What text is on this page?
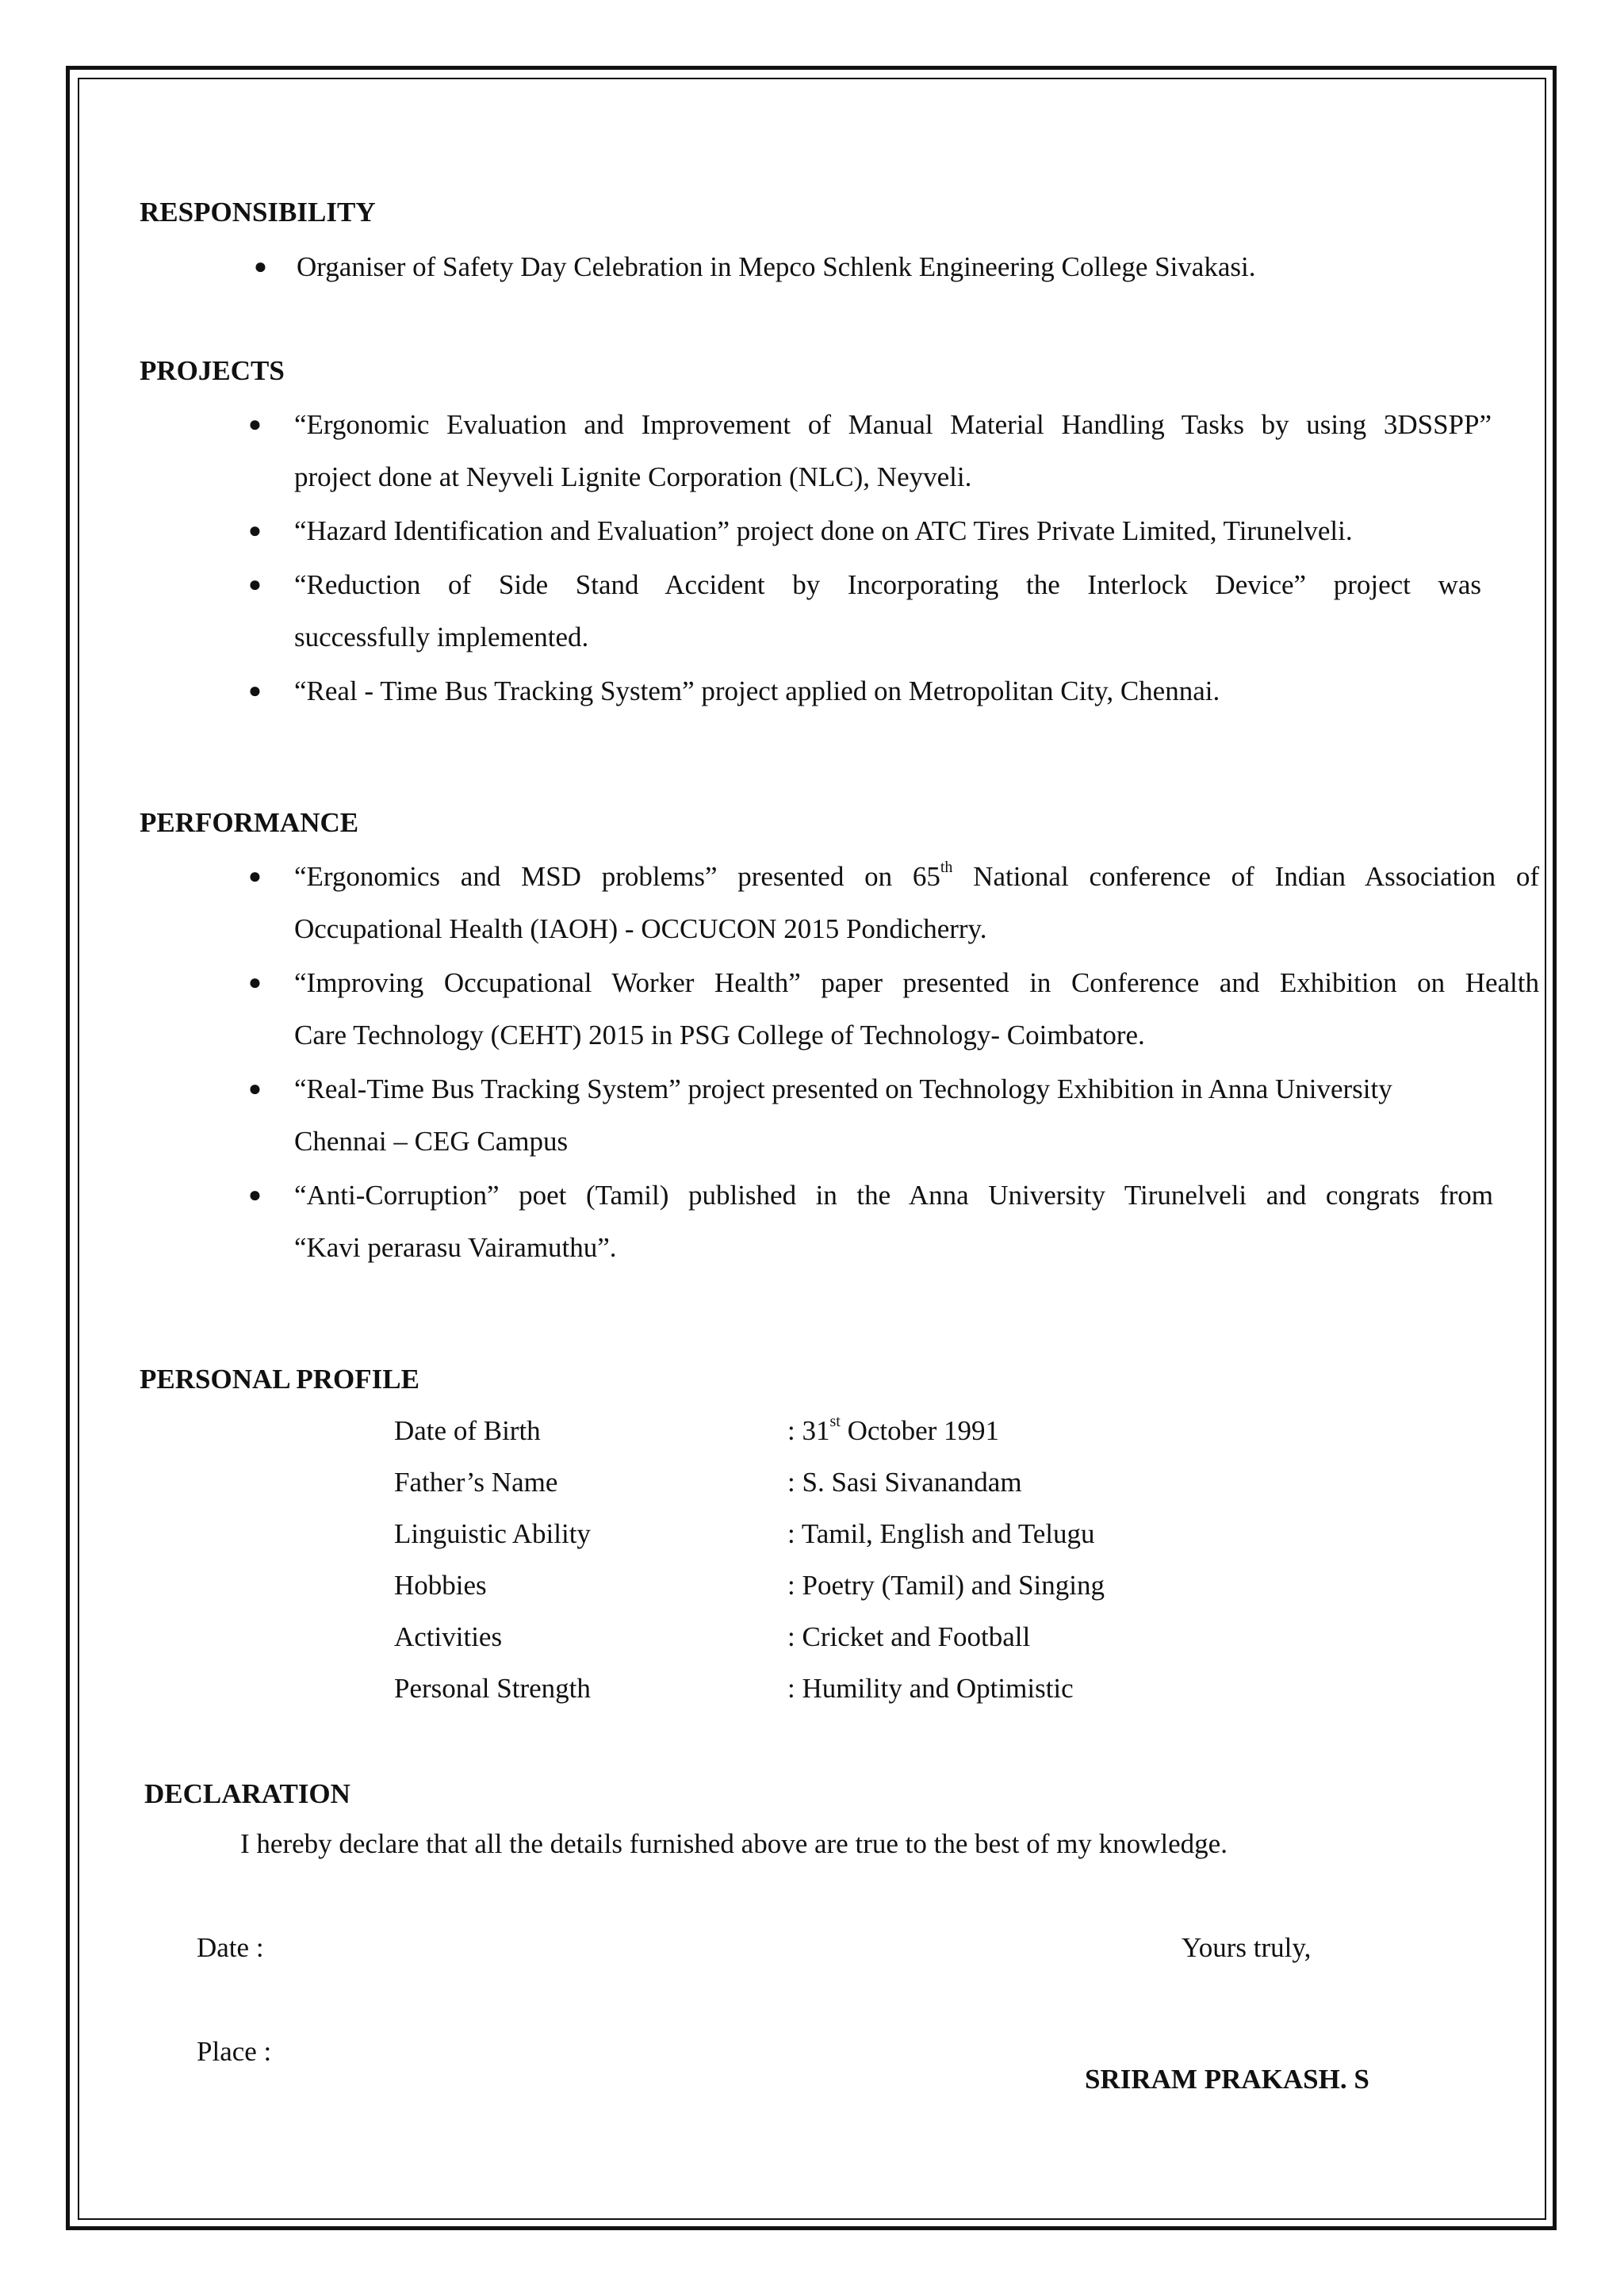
RESPONSIBILITY
● Organiser of Safety Day Celebration in Mepco Schlenk Engineering College Sivakasi.
PROJECTS
● “Ergonomic Evaluation and Improvement of Manual Material Handling Tasks by using 3DSSPP”
project done at Neyveli Lignite Corporation (NLC), Neyveli.
● “Hazard Identification and Evaluation” project done on ATC Tires Private Limited, Tirunelveli.
● “Reduction of Side Stand Accident by Incorporating the Interlock Device” project was
successfully implemented.
● “Real - Time Bus Tracking System” project applied on Metropolitan City, Chennai.
PERFORMANCE
● “Ergonomics and MSD problems” presented on 65th National conference of Indian Association of
Occupational Health (IAOH) - OCCUCON 2015 Pondicherry.
● “Improving Occupational Worker Health” paper presented in Conference and Exhibition on Health
Care Technology (CEHT) 2015 in PSG College of Technology- Coimbatore.
● “Real-Time Bus Tracking System” project presented on Technology Exhibition in Anna University
Chennai – CEG Campus
● “Anti-Corruption” poet (Tamil) published in the Anna University Tirunelveli and congrats from
“Kavi perarasu Vairamuthu”.
PERSONAL PROFILE
Date of Birth	: 31st October 1991
Father’s Name	: S. Sasi Sivanandam
Linguistic Ability	: Tamil, English and Telugu
Hobbies	: Poetry (Tamil) and Singing
Activities	: Cricket and Football
Personal Strength	: Humility and Optimistic
DECLARATION
I hereby declare that all the details furnished above are true to the best of my knowledge.
Date :	Yours truly,
Place :
SRIRAM PRAKASH. S
